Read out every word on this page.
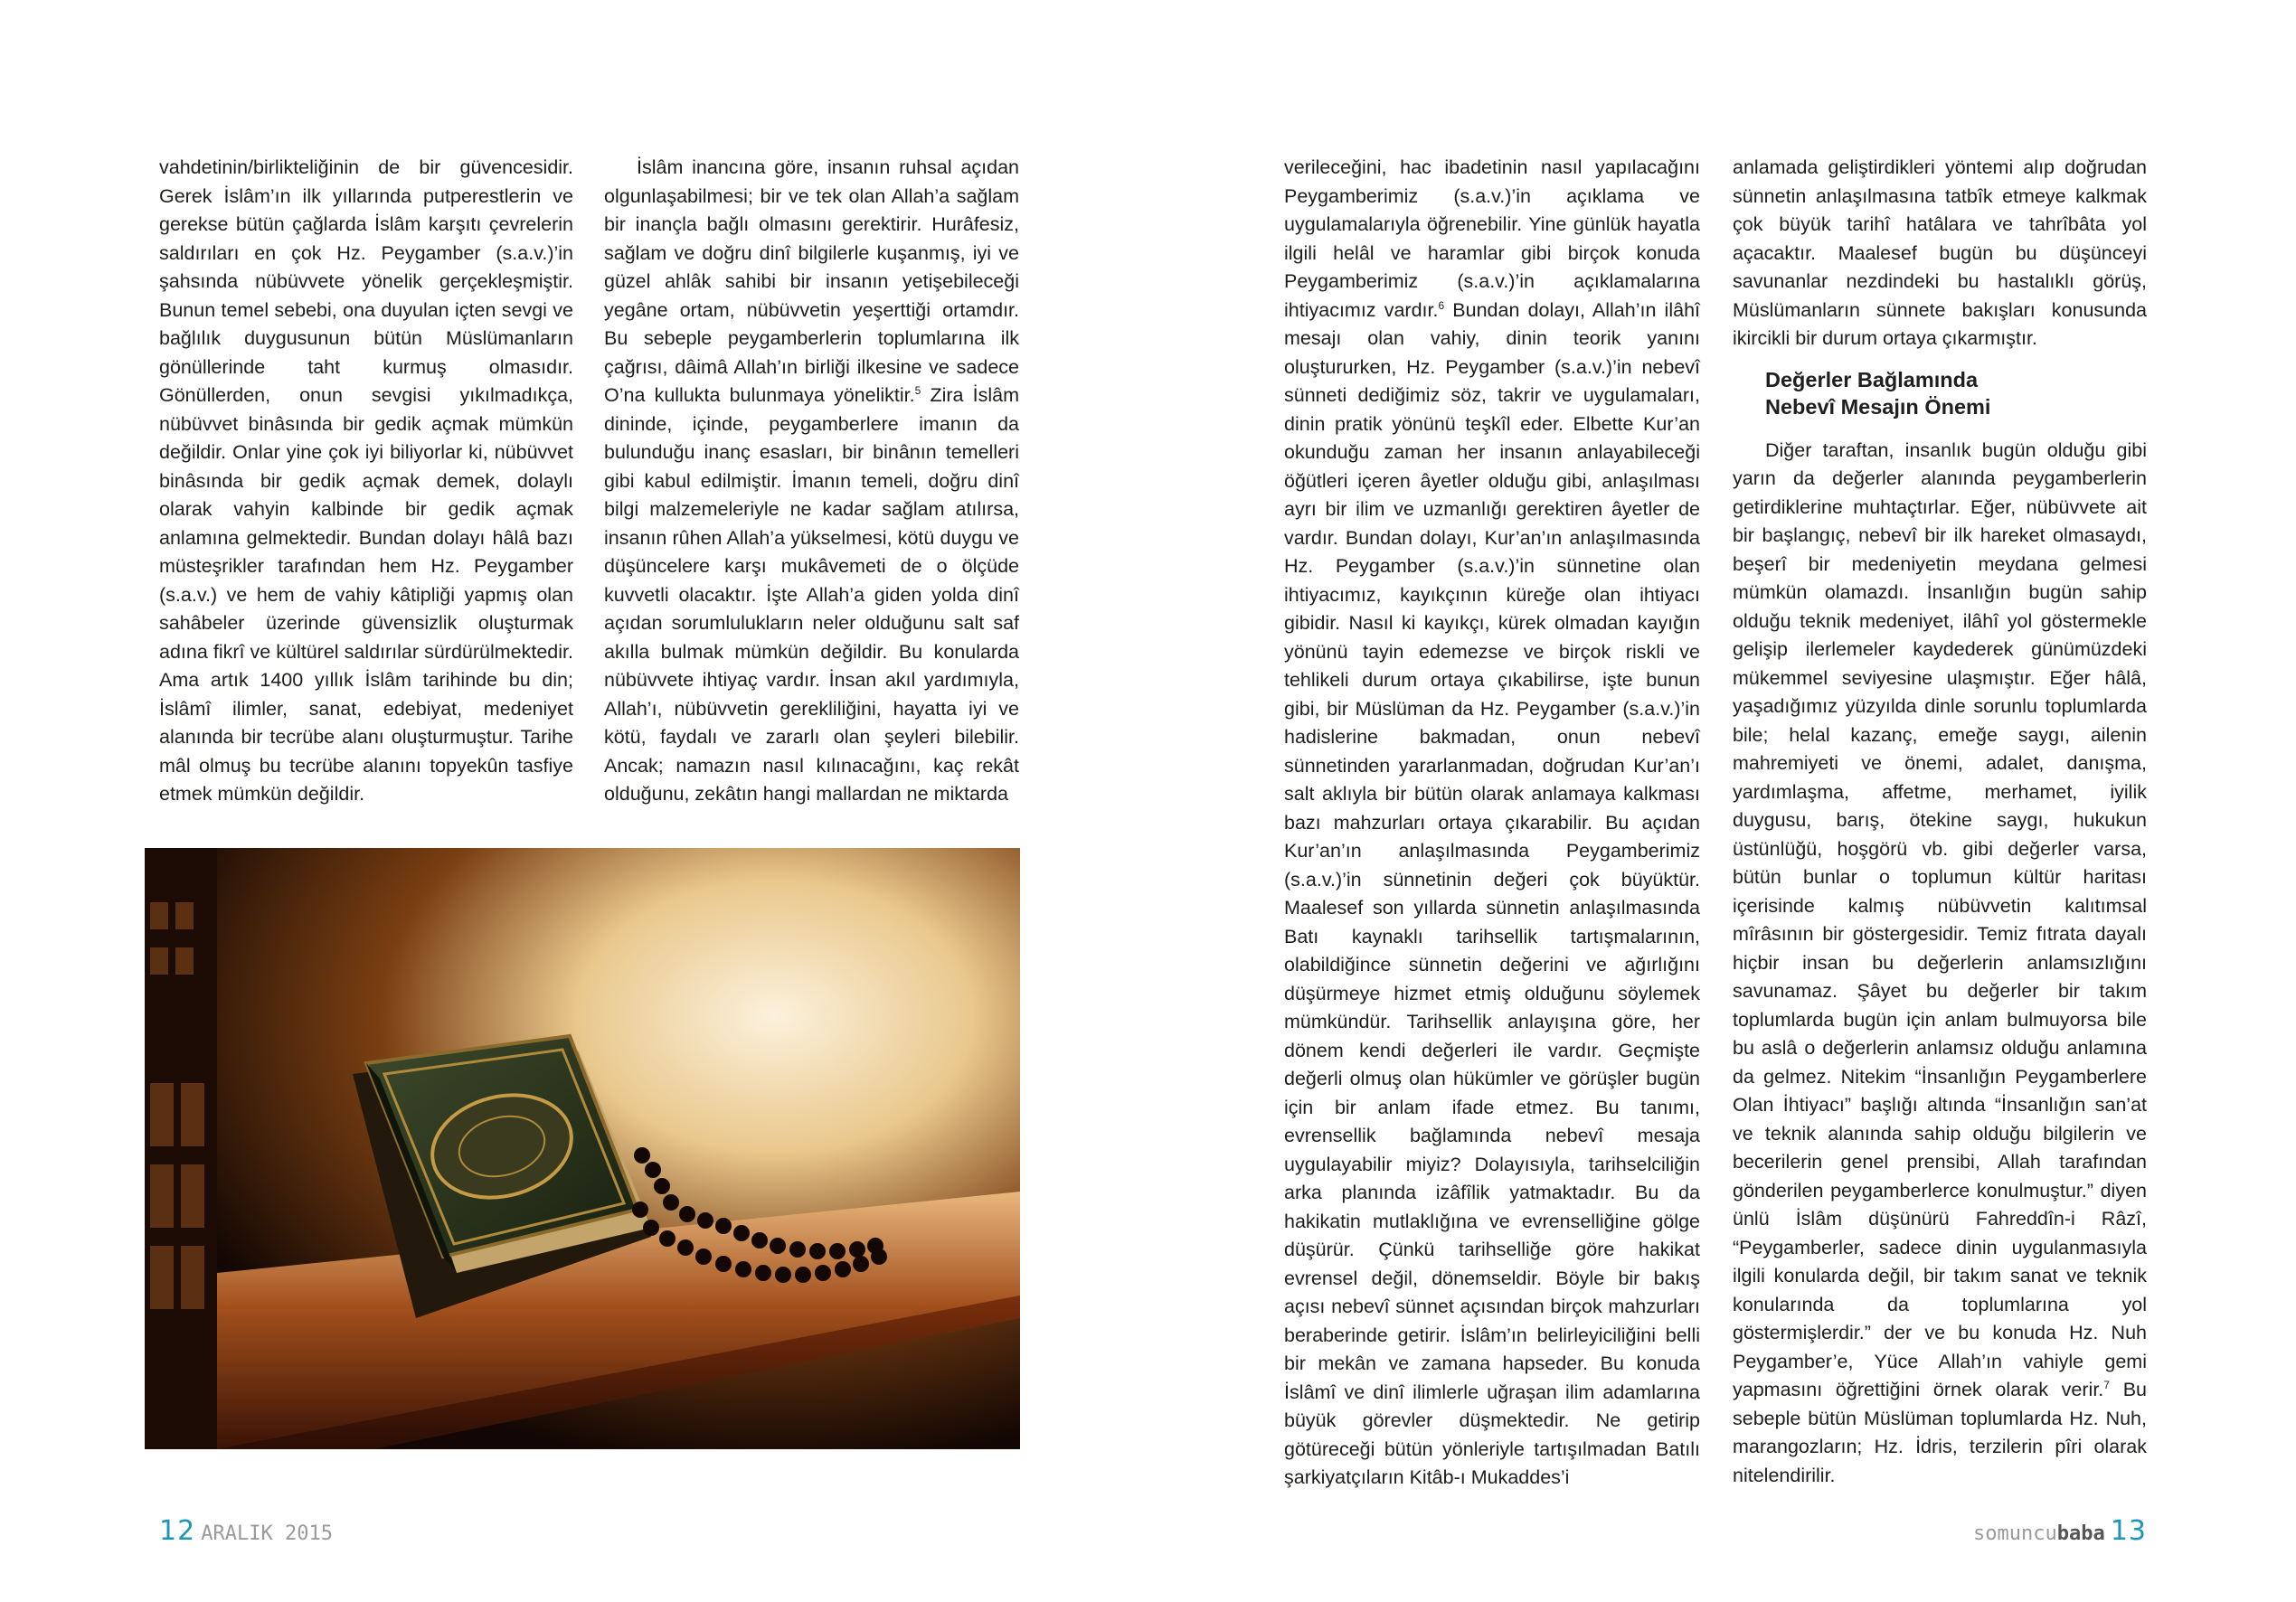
vahdetinin/birlikteliğinin de bir güvencesidir. Gerek İslâm’ın ilk yıllarında putperestlerin ve gerekse bütün çağlarda İslâm karşıtı çevrelerin saldırıları en çok Hz. Peygamber (s.a.v.)’in şahsında nübüvvete yönelik gerçekleşmiştir. Bunun temel sebebi, ona duyulan içten sevgi ve bağlılık duygusunun bütün Müslümanların gönüllerinde taht kurmuş olmasıdır. Gönüllerden, onun sevgisi yıkılmadıkça, nübüvvet binâsında bir gedik açmak mümkün değildir. Onlar yine çok iyi biliyorlar ki, nübüvvet binâsında bir gedik açmak demek, dolaylı olarak vahyin kalbinde bir gedik açmak anlamına gelmektedir. Bundan dolayı hâlâ bazı müsteşrikler tarafından hem Hz. Peygamber (s.a.v.) ve hem de vahiy kâtipliği yapmış olan sahâbeler üzerinde güvensizlik oluşturmak adına fikrî ve kültürel saldırılar sürdürülmektedir. Ama artık 1400 yıllık İslâm tarihinde bu din; İslâmî ilimler, sanat, edebiyat, medeniyet alanında bir tecrübe alanı oluşturmuştur. Tarihe mâl olmuş bu tecrübe alanını topyekûn tasfiye etmek mümkün değildir.

İslâm inancına göre, insanın ruhsal açıdan olgunlaşabilmesi; bir ve tek olan Allah’a sağlam bir inançla bağlı olmasını gerektirir. Hurâfesiz, sağlam ve doğru dinî bilgilerle kuşanmış, iyi ve güzel ahlâk sahibi bir insanın yetişebileceği yegâne ortam, nübüvvetin yeşerttiği ortamdır. Bu sebeple peygamberlerin toplumlarına ilk çağrısı, dâimâ Allah’ın birliği ilkesine ve sadece O’na kullukta bulunmaya yöneliktir.$^5$ Zira İslâm dininde, içinde, peygamberlere imanın da bulunduğu inanç esasları, bir binânın temelleri gibi kabul edilmiştir. İmanın temeli, doğru dinî bilgi malzemeleriyle ne kadar sağlam atılırsa, insanın rûhen Allah’a yükselmesi, kötü duygu ve düşüncelere karşı mukâvemeti de o ölçüde kuvvetli olacaktır. İşte Allah’a giden yolda dinî açıdan sorumlulukların neler olduğunu salt saf akılla bulmak mümkün değildir. Bu konularda nübüvvete ihtiyaç vardır. İnsan akıl yardımıyla, Allah’ı, nübüvvetin gerekliliğini, hayatta iyi ve kötü, faydalı ve zararlı olan şeyleri bilebilir. Ancak; namazın nasıl kılınacağını, kaç rekât olduğunu, zekâtın hangi mallardan ne miktarda

12 ARALIK 2015

verileceğini, hac ibadetinin nasıl yapılacağını Peygamberimiz (s.a.v.)’in açıklama ve uygulamalarıyla öğrenebilir. Yine günlük hayatla ilgili helâl ve haramlar gibi birçok konuda Peygamberimiz (s.a.v.)’in açıklamalarına ihtiyacımız vardır.$^6$ Bundan dolayı, Allah’ın ilâhî mesajı olan vahiy, dinin teorik yanını oluştururken, Hz. Peygamber (s.a.v.)’in nebevî sünneti dediğimiz söz, takrir ve uygulamaları, dinin pratik yönünü teşkîl eder. Elbette Kur’an okunduğu zaman her insanın anlayabileceği öğütleri içeren âyetler olduğu gibi, anlaşılması ayrı bir ilim ve uzmanlığı gerektiren âyetler de vardır. Bundan dolayı, Kur’an’ın anlaşılmasında Hz. Peygamber (s.a.v.)’in sünnetine olan ihtiyacımız, kayıkçının küreğe olan ihtiyacı gibidir. Nasıl ki kayıkçı, kürek olmadan kayığın yönünü tayin edemezse ve birçok riskli ve tehlikeli durum ortaya çıkabilirse, işte bunun gibi, bir Müslüman da Hz. Peygamber (s.a.v.)’in hadislerine bakmadan, onun nebevî sünnetinden yararlanmadan, doğrudan Kur’an’ı salt aklıyla bir bütün olarak anlamaya kalkması bazı mahzurları ortaya çıkarabilir. Bu açıdan Kur’an’ın anlaşılmasında Peygamberimiz (s.a.v.)’in sünnetinin değeri çok büyüktür. Maalesef son yıllarda sünnetin anlaşılmasında Batı kaynaklı tarihsellik tartışmalarının, olabildiğince sünnetin değerini ve ağırlığını düşürmeye hizmet etmiş olduğunu söylemek mümkündür. Tarihsellik anlayışına göre, her dönem kendi değerleri ile vardır. Geçmişte değerli olmuş olan hükümler ve görüşler bugün için bir anlam ifade etmez. Bu tanımı, evrensellik bağlamında nebevî mesaja uygulayabilir miyiz? Dolayısıyla, tarihselciliğin arka planında izâfîlik yatmaktadır. Bu da hakikatin mutlaklığına ve evrenselliğine gölge düşürür. Çünkü tarihselliğe göre hakikat evrensel değil, dönemseldir. Böyle bir bakış açısı nebevî sünnet açısından birçok mahzurları beraberinde getirir. İslâm’ın belirleyiciliğini belli bir mekân ve zamana hapseder. Bu konuda İslâmî ve dinî ilimlerle uğraşan ilim adamlarına büyük görevler düşmektedir. Ne getirip götüreceği bütün yönleriyle tartışılmadan Batılı şarkiyatçıların Kitâb-ı Mukaddes’i

anlamada geliştirdikleri yöntemi alıp doğrudan sünnetin anlaşılmasına tatbîk etmeye kalkmak çok büyük tarihî hatâlara ve tahrîbâta yol açacaktır. Maalesef bugün bu düşünceyi savunanlar nezdindeki bu hastalıklı görüş, Müslümanların sünnete bakışları konusunda ikircikli bir durum ortaya çıkarmıştır.

Değerler Bağlamında
Nebevî Mesajın Önemi

Diğer taraftan, insanlık bugün olduğu gibi yarın da değerler alanında peygamberlerin getirdiklerine muhtaçtırlar. Eğer, nübüvvete ait bir başlangıç, nebevî bir ilk hareket olmasaydı, beşerî bir medeniyetin meydana gelmesi mümkün olamazdı. İnsanlığın bugün sahip olduğu teknik medeniyet, ilâhî yol göstermekle gelişip ilerlemeler kaydederek günümüzdeki mükemmel seviyesine ulaşmıştır. Eğer hâlâ, yaşadığımız yüzyılda dinle sorunlu toplumlarda bile; helal kazanç, emeğe saygı, ailenin mahremiyeti ve önemi, adalet, danışma, yardımlaşma, affetme, merhamet, iyilik duygusu, barış, ötekine saygı, hukukun üstünlüğü, hoşgörü vb. gibi değerler varsa, bütün bunlar o toplumun kültür haritası içerisinde kalmış nübüvvetin kalıtımsal mîrâsının bir göstergesidir. Temiz fıtrata dayalı hiçbir insan bu değerlerin anlamsızlığını savunamaz. Şâyet bu değerler bir takım toplumlarda bugün için anlam bulmuyorsa bile bu aslâ o değerlerin anlamsız olduğu anlamına da gelmez. Nitekim “İnsanlığın Peygamberlere Olan İhtiyacı” başlığı altında “İnsanlığın san’at ve teknik alanında sahip olduğu bilgilerin ve becerilerin genel prensibi, Allah tarafından gönderilen peygamberlerce konulmuştur.” diyen ünlü İslâm düşünürü Fahreddîn-i Râzî, “Peygamberler, sadece dinin uygulanmasıyla ilgili konularda değil, bir takım sanat ve teknik konularında da toplumlarına yol göstermişlerdir.” der ve bu konuda Hz. Nuh Peygamber’e, Yüce Allah’ın vahiyle gemi yapmasını öğrettiğini örnek olarak verir.$^7$ Bu sebeple bütün Müslüman toplumlarda Hz. Nuh, marangozların; Hz. İdris, terzilerin pîri olarak nitelendirilir.

somuncubaba 13
